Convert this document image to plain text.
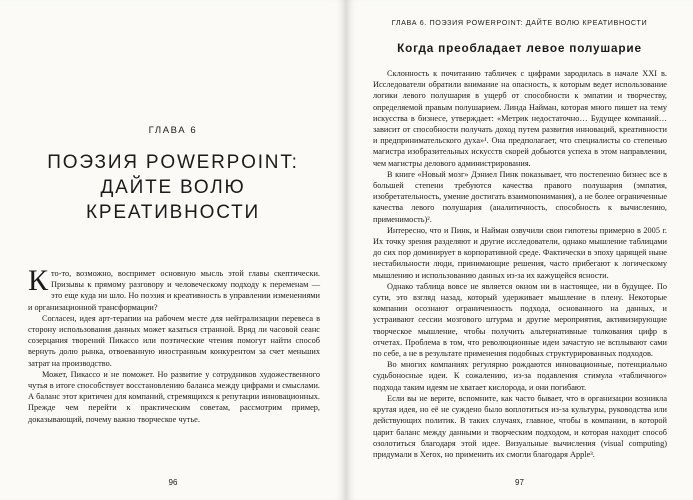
ГЛАВА 6
ПОЭЗИЯ POWERPOINT:
ДАЙТЕ ВОЛЮ
КРЕАТИВНОСТИ

Кто-то, возможно, воспримет основную мысль этой главы скептически. Призывы к прямому разговору и человеческому подходу к переменам — это еще куда ни шло. Но поэзия и креативность в управлении изменениями и организационной трансформации?

Согласен, идея арт-терапии на рабочем месте для нейтрализации перевеса в сторону использования данных может казаться странной. Вряд ли часовой сеанс созерцания творений Пикассо или поэтические чтения помогут найти способ вернуть долю рынка, отвоеванную иностранным конкурентом за счет меньших затрат на производство.

Может, Пикассо и не поможет. Но развитие у сотрудников художественного чутья в итоге способствует восстановлению баланса между цифрами и смыслами. А баланс этот критичен для компаний, стремящихся к репутации инновационных. Прежде чем перейти к практическим советам, рассмотрим пример, доказывающий, почему важно творческое чутье.

96
ГЛАВА 6. ПОЭЗИЯ POWERPOINT: ДАЙТЕ ВОЛЮ КРЕАТИВНОСТИ
Когда преобладает левое полушарие

Склонность к почитанию табличек с цифрами зародилась в начале XXI в. Исследователи обратили внимание на опасность, к которым ведет использование логики левого полушария в ущерб от способности к эмпатии и творчеству, определяемой правым полушарием. Линда Найман, которая много пишет на тему искусства в бизнесе, утверждает: «Метрик недостаточно… Будущее компаний… зависит от способности получать доход путем развития инноваций, креативности и предпринимательского духа»¹. Она предполагает, что специалисты со степенью магистра изобразительных искусств скорей добьются успеха в этом направлении, чем магистры делового администрирования.

В книге «Новый мозг» Дэниел Пинк показывает, что постепенно бизнес все в большей степени требуются качества правого полушария (эмпатия, изобретательность, умение достигать взаимопонимания), а не более ограниченные качества левого полушария (аналитичность, способность к вычислению, применимость)².

Интересно, что и Пинк, и Найман озвучили свои гипотезы примерно в 2005 г. Их точку зрения разделяют и другие исследователи, однако мышление таблицами до сих пор доминирует в корпоративной среде. Фактически в эпоху царящей ныне нестабильности люди, принимающие решения, часто прибегают к логическому мышлению и использованию данных из-за их кажущейся ясности.

Однако таблица вовсе не является окном ни в настоящее, ни в будущее. По сути, это взгляд назад, который удерживает мышление в плену. Некоторые компании осознают ограниченность подхода, основанного на данных, и устраивают сессии мозгового штурма и другие мероприятия, активизирующие творческое мышление, чтобы получить альтернативные толкования цифр в отчетах. Проблема в том, что революционные идеи зачастую не всплывают сами по себе, а не в результате применения подобных структурированных подходов.

Во многих компаниях регулярно рождаются инновационные, потенциально судьбоносные идеи. К сожалению, из-за подавления стимула «табличного» подхода таким идеям не хватает кислорода, и они погибают.

Если вы не верите, вспомните, как часто бывает, что в организации возникла крутая идея, но её не суждено было воплотиться из-за культуры, руководства или действующих политик. В таких случаях, главное, чтобы в компании, в которой царит баланс между данными и творческим подходом, и которая находит способ озолотиться благодаря этой идее. Визуальные вычисления (visual computing) придумали в Xerox, но применить их смогли благодаря Apple³.

97
